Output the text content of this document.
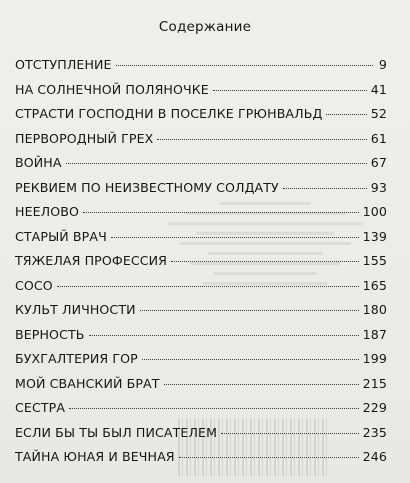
Содержание
ОТСТУПЛЕНИЕ	9
НА СОЛНЕЧНОЙ ПОЛЯНОЧКЕ	41
СТРАСТИ ГОСПОДНИ В ПОСЕЛКЕ ГРЮНВАЛЬД	52
ПЕРВОРОДНЫЙ ГРЕХ	61
ВОЙНА	67
РЕКВИЕМ ПО НЕИЗВЕСТНОМУ СОЛДАТУ	93
НЕЕЛОВО	100
СТАРЫЙ ВРАЧ	139
ТЯЖЕЛАЯ ПРОФЕССИЯ	155
СОСО	165
КУЛЬТ ЛИЧНОСТИ	180
ВЕРНОСТЬ	187
БУХГАЛТЕРИЯ ГОР	199
МОЙ СВАНСКИЙ БРАТ	215
СЕСТРА	229
ЕСЛИ БЫ ТЫ БЫЛ ПИСАТЕЛЕМ	235
ТАЙНА ЮНАЯ И ВЕЧНАЯ	246
